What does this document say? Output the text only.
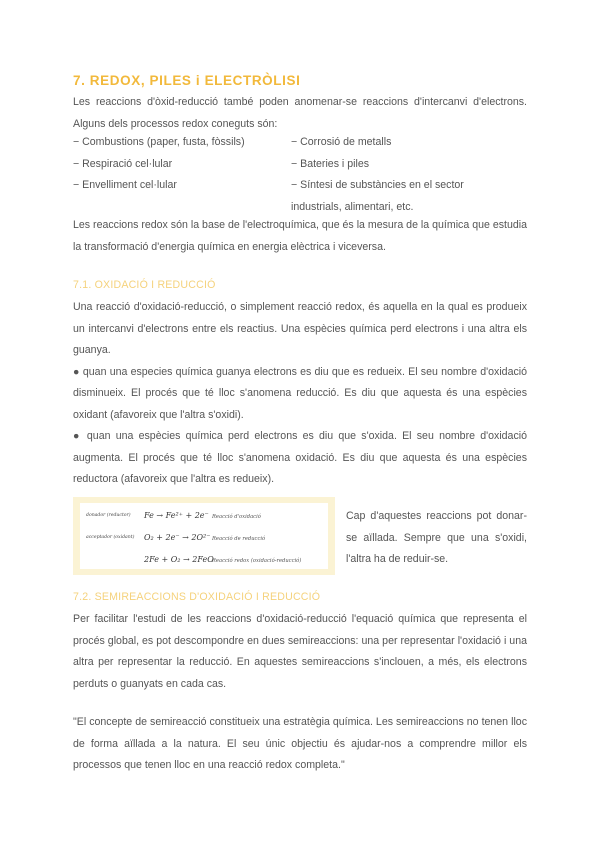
7. REDOX, PILES i ELECTRÒLISI
Les reaccions d'òxid-reducció també poden anomenar-se reaccions d'intercanvi d'electrons. Alguns dels processos redox coneguts són:
− Combustions (paper, fusta, fòssils)
− Respiració cel·lular
− Envelliment cel·lular
− Corrosió de metalls
− Bateries i piles
− Síntesi de substàncies en el sector
industrials, alimentari, etc.
Les reaccions redox són la base de l'electroquímica, que és la mesura de la química que estudia la transformació d'energia química en energia elèctrica i viceversa.
7.1. OXIDACIÓ I REDUCCIÓ

Una reacció d'oxidació-reducció, o simplement reacció redox, és aquella en la qual es produeix un intercanvi d'electrons entre els reactius. Una espècies química perd electrons i una altra els guanya.

● quan una especies química guanya electrons es diu que es redueix. El seu nombre d'oxidació disminueix. El procés que té lloc s'anomena reducció. Es diu que aquesta és una espècies oxidant (afavoreix que l'altra s'oxidi).

● quan una espècies química perd electrons es diu que s'oxida. El seu nombre d'oxidació augmenta. El procés que té lloc s'anomena oxidació. Es diu que aquesta és una espècies reductora (afavoreix que l'altra es redueix).

donador (reductor) Fe → Fe²⁺ + 2e⁻ Reacció d'oxidació
acceptador (oxidant) O₂ + 2e⁻ → 2O²⁻ Reacció de reducció
2Fe + O₂ → 2FeO
Reacció redox (oxidació-reducció)
Cap d'aquestes reaccions pot donar-se aïllada. Sempre que una s'oxidi, l'altra ha de reduir-se.
7.2. SEMIREACCIONS D'OXIDACIÓ I REDUCCIÓ
Per facilitar l'estudi de les reaccions d'oxidació-reducció l'equació química que representa el procés global, es pot descompondre en dues semireaccions: una per representar l'oxidació i una altra per representar la reducció. En aquestes semireaccions s'inclouen, a més, els electrons perduts o guanyats en cada cas.
"El concepte de semireacció constitueix una estratègia química. Les semireaccions no tenen lloc de forma aïllada a la natura. El seu únic objectiu és ajudar-nos a comprendre millor els processos que tenen lloc en una reacció redox completa."
